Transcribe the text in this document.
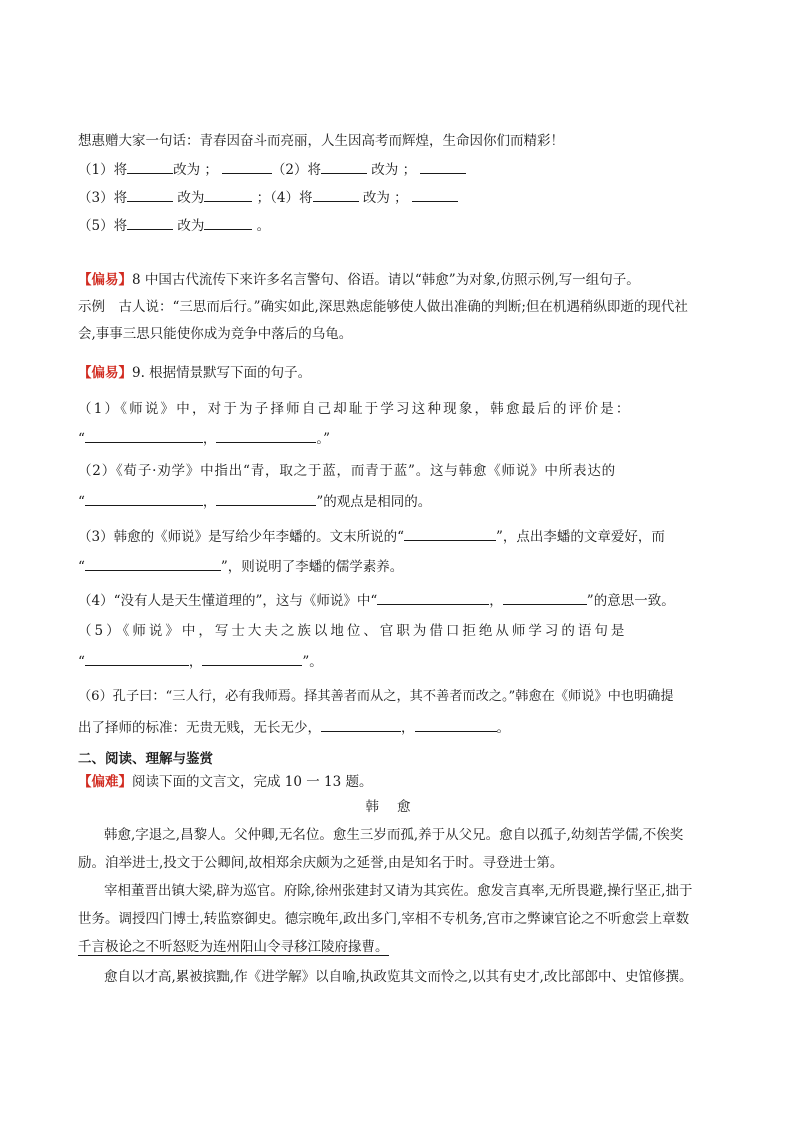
想惠赠大家一句话：青春因奋斗而亮丽，人生因高考而辉煌，生命因你们而精彩！
（1）将	改为 ；	（2）将	改为 ；
（3）将	改为	；（4）将	改为 ；
（5）将	改为	。
【偏易】8 中国古代流传下来许多名言警句、俗语。请以“韩愈”为对象,仿照示例,写一组句子。
示例　古人说：“三思而后行。”确实如此,深思熟虑能够使人做出准确的判断;但在机遇稍纵即逝的现代社
会,事事三思只能使你成为竞争中落后的乌龟。
【偏易】9. 根据情景默写下面的句子。
（1）《师说》中，对于为子择师自己却耻于学习这种现象，韩愈最后的评价是：
“	，	。”
（2）《荀子·劝学》中指出“青，取之于蓝，而青于蓝”。这与韩愈《师说》中所表达的
“	，	”的观点是相同的。
（3）韩愈的《师说》是写给少年李蟠的。文末所说的“	”，点出李蟠的文章爱好，而
“	”，则说明了李蟠的儒学素养。
（4）“没有人是天生懂道理的”，这与《师说》中“	，	”的意思一致。
（5）《师说》中，写士大夫之族以地位、官职为借口拒绝从师学习的语句是
“	，	”。
（6）孔子曰：“三人行，必有我师焉。择其善者而从之，其不善者而改之。”韩愈在《师说》中也明确提
出了择师的标准：无贵无贱，无长无少，	，	。
二、阅读、理解与鉴赏
【偏难】阅读下面的文言文，完成 10 一 13 题。
韩愈
韩愈,字退之,昌黎人。父仲卿,无名位。愈生三岁而孤,养于从父兄。愈自以孤子,幼刻苦学儒,不俟奖
励。洎举进士,投文于公卿间,故相郑余庆颇为之延誉,由是知名于时。寻登进士第。
宰相董晋出镇大梁,辟为巡官。府除,徐州张建封又请为其宾佐。愈发言真率,无所畏避,操行坚正,拙于
世务。调授四门博士,转监察御史。德宗晚年,政出多门,宰相不专机务,宫市之弊谏官论之不听愈尝上章数
千言极论之不听怒贬为连州阳山令寻移江陵府掾曹。
愈自以才高,累被摈黜,作《进学解》以自喻,执政览其文而怜之,以其有史才,改比部郎中、史馆修撰。
